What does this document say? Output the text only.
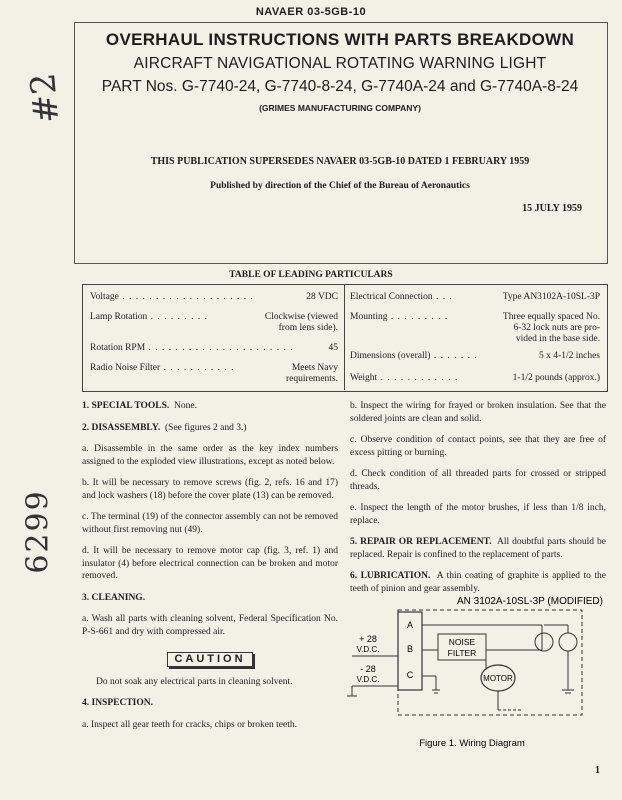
NAVAER 03-5GB-10
OVERHAUL INSTRUCTIONS WITH PARTS BREAKDOWN
AIRCRAFT NAVIGATIONAL ROTATING WARNING LIGHT
PART Nos. G-7740-24, G-7740-8-24, G-7740A-24 and G-7740A-8-24
(GRIMES MANUFACTURING COMPANY)
THIS PUBLICATION SUPERSEDES NAVAER 03-5GB-10 DATED 1 FEBRUARY 1959
Published by direction of the Chief of the Bureau of Aeronautics
15 JULY 1959
#2
6299
TABLE OF LEADING PARTICULARS
Voltage . . . . . . . . . . . . . . . . . . . .	28 VDC
Lamp Rotation . . . . . . . . .	Clockwise (viewed
from lens side).
Rotation RPM . . . . . . . . . . . . . . . . . . . . . .	45
Radio Noise Filter . . . . . . . . . . .	Meets Navy
requirements.
Electrical Connection . . .	Type AN3102A-10SL-3P
Mounting . . . . . . . . .	Three equally spaced No.
6-32 lock nuts are pro-
vided in the base side.
Dimensions (overall) . . . . . . .	5 x 4-1/2 inches
Weight . . . . . . . . . . . .	1-1/2 pounds (approx.)

1. SPECIAL TOOLS. None.

2. DISASSEMBLY. (See figures 2 and 3.)

a. Disassemble in the same order as the key index numbers assigned to the exploded view illustrations, except as noted below.

b. It will be necessary to remove screws (fig. 2, refs. 16 and 17) and lock washers (18) before the cover plate (13) can be removed.

c. The terminal (19) of the connector assembly can not be removed without first removing nut (49).

d. It will be necessary to remove motor cap (fig. 3, ref. 1) and insulator (4) before electrical connection can be broken and motor removed.

3. CLEANING.

a. Wash all parts with cleaning solvent, Federal Specification No. P-S-661 and dry with compressed air.

CAUTION

Do not soak any electrical parts in cleaning solvent.

4. INSPECTION.

a. Inspect all gear teeth for cracks, chips or broken teeth.

b. Inspect the wiring for frayed or broken insulation. See that the soldered joints are clean and solid.

c. Observe condition of contact points, see that they are free of excess pitting or burning.

d. Check condition of all threaded parts for crossed or stripped threads.

e. Inspect the length of the motor brushes, if less than 1/8 inch, replace.

5. REPAIR OR REPLACEMENT. All doubtful parts should be replaced. Repair is confined to the replacement of parts.

6. LUBRICATION. A thin coating of graphite is applied to the teeth of pinion and gear assembly.

AN 3102A-10SL-3P (MODIFIED)
A
B
C
+ 28
V.D.C.
- 28
V.D.C.
NOISE
FILTER
MOTOR
Figure 1. Wiring Diagram
1
